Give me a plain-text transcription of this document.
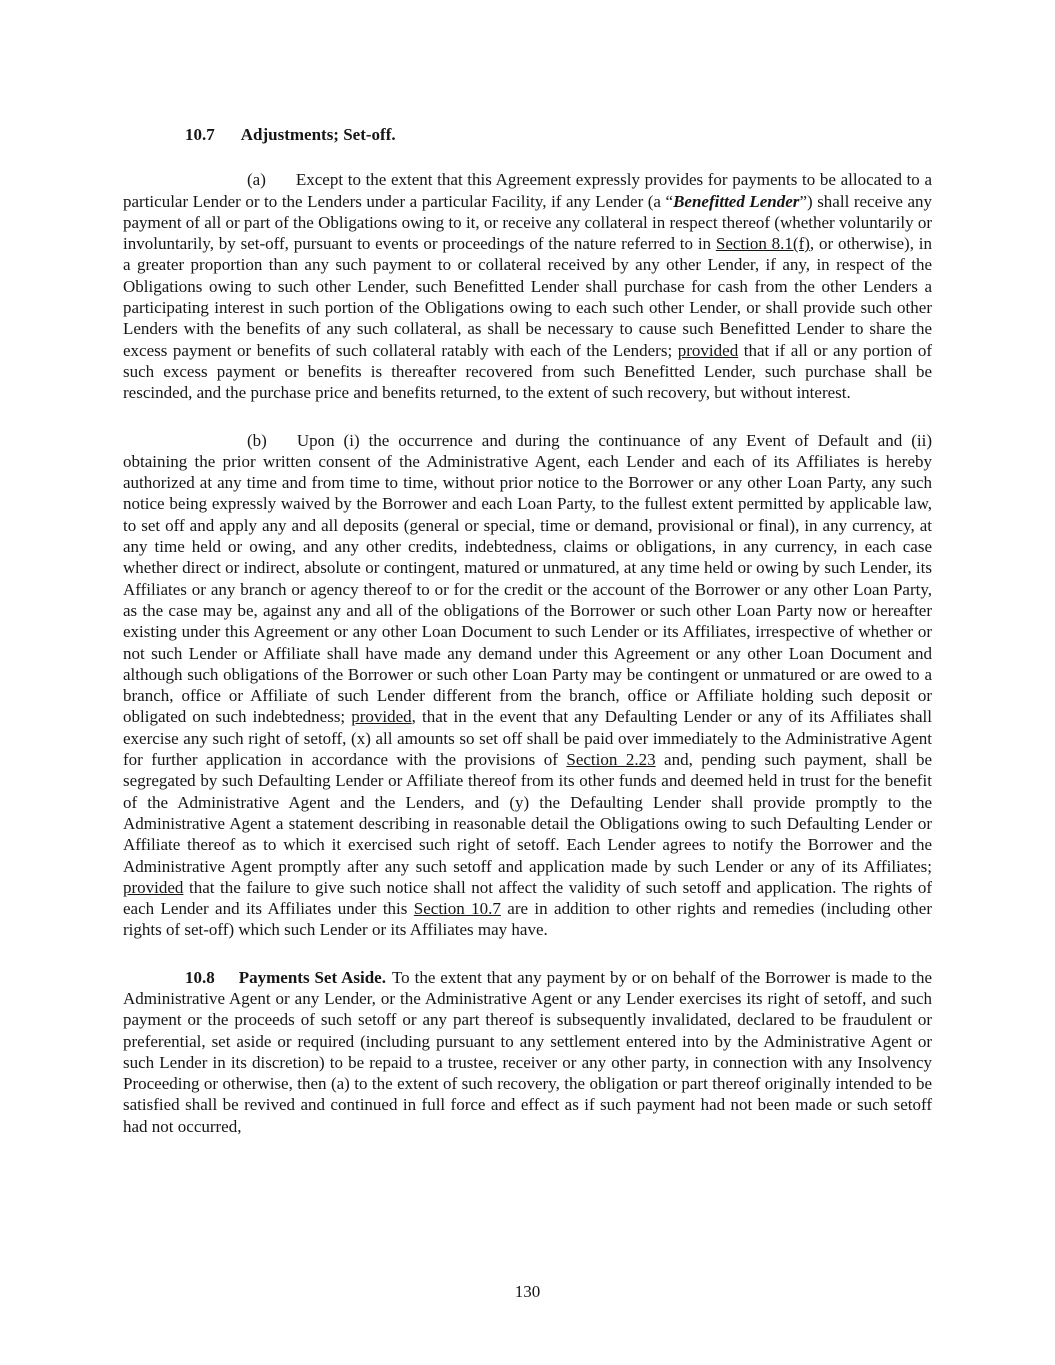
10.7 Adjustments; Set-off.

(a) Except to the extent that this Agreement expressly provides for payments to be allocated to a particular Lender or to the Lenders under a particular Facility, if any Lender (a “Benefitted Lender”) shall receive any payment of all or part of the Obligations owing to it, or receive any collateral in respect thereof (whether voluntarily or involuntarily, by set-off, pursuant to events or proceedings of the nature referred to in Section 8.1(f), or otherwise), in a greater proportion than any such payment to or collateral received by any other Lender, if any, in respect of the Obligations owing to such other Lender, such Benefitted Lender shall purchase for cash from the other Lenders a participating interest in such portion of the Obligations owing to each such other Lender, or shall provide such other Lenders with the benefits of any such collateral, as shall be necessary to cause such Benefitted Lender to share the excess payment or benefits of such collateral ratably with each of the Lenders; provided that if all or any portion of such excess payment or benefits is thereafter recovered from such Benefitted Lender, such purchase shall be rescinded, and the purchase price and benefits returned, to the extent of such recovery, but without interest.

(b) Upon (i) the occurrence and during the continuance of any Event of Default and (ii) obtaining the prior written consent of the Administrative Agent, each Lender and each of its Affiliates is hereby authorized at any time and from time to time, without prior notice to the Borrower or any other Loan Party, any such notice being expressly waived by the Borrower and each Loan Party, to the fullest extent permitted by applicable law, to set off and apply any and all deposits (general or special, time or demand, provisional or final), in any currency, at any time held or owing, and any other credits, indebtedness, claims or obligations, in any currency, in each case whether direct or indirect, absolute or contingent, matured or unmatured, at any time held or owing by such Lender, its Affiliates or any branch or agency thereof to or for the credit or the account of the Borrower or any other Loan Party, as the case may be, against any and all of the obligations of the Borrower or such other Loan Party now or hereafter existing under this Agreement or any other Loan Document to such Lender or its Affiliates, irrespective of whether or not such Lender or Affiliate shall have made any demand under this Agreement or any other Loan Document and although such obligations of the Borrower or such other Loan Party may be contingent or unmatured or are owed to a branch, office or Affiliate of such Lender different from the branch, office or Affiliate holding such deposit or obligated on such indebtedness; provided, that in the event that any Defaulting Lender or any of its Affiliates shall exercise any such right of setoff, (x) all amounts so set off shall be paid over immediately to the Administrative Agent for further application in accordance with the provisions of Section 2.23 and, pending such payment, shall be segregated by such Defaulting Lender or Affiliate thereof from its other funds and deemed held in trust for the benefit of the Administrative Agent and the Lenders, and (y) the Defaulting Lender shall provide promptly to the Administrative Agent a statement describing in reasonable detail the Obligations owing to such Defaulting Lender or Affiliate thereof as to which it exercised such right of setoff. Each Lender agrees to notify the Borrower and the Administrative Agent promptly after any such setoff and application made by such Lender or any of its Affiliates; provided that the failure to give such notice shall not affect the validity of such setoff and application. The rights of each Lender and its Affiliates under this Section 10.7 are in addition to other rights and remedies (including other rights of set-off) which such Lender or its Affiliates may have.

10.8 Payments Set Aside. To the extent that any payment by or on behalf of the Borrower is made to the Administrative Agent or any Lender, or the Administrative Agent or any Lender exercises its right of setoff, and such payment or the proceeds of such setoff or any part thereof is subsequently invalidated, declared to be fraudulent or preferential, set aside or required (including pursuant to any settlement entered into by the Administrative Agent or such Lender in its discretion) to be repaid to a trustee, receiver or any other party, in connection with any Insolvency Proceeding or otherwise, then (a) to the extent of such recovery, the obligation or part thereof originally intended to be satisfied shall be revived and continued in full force and effect as if such payment had not been made or such setoff had not occurred,

130
